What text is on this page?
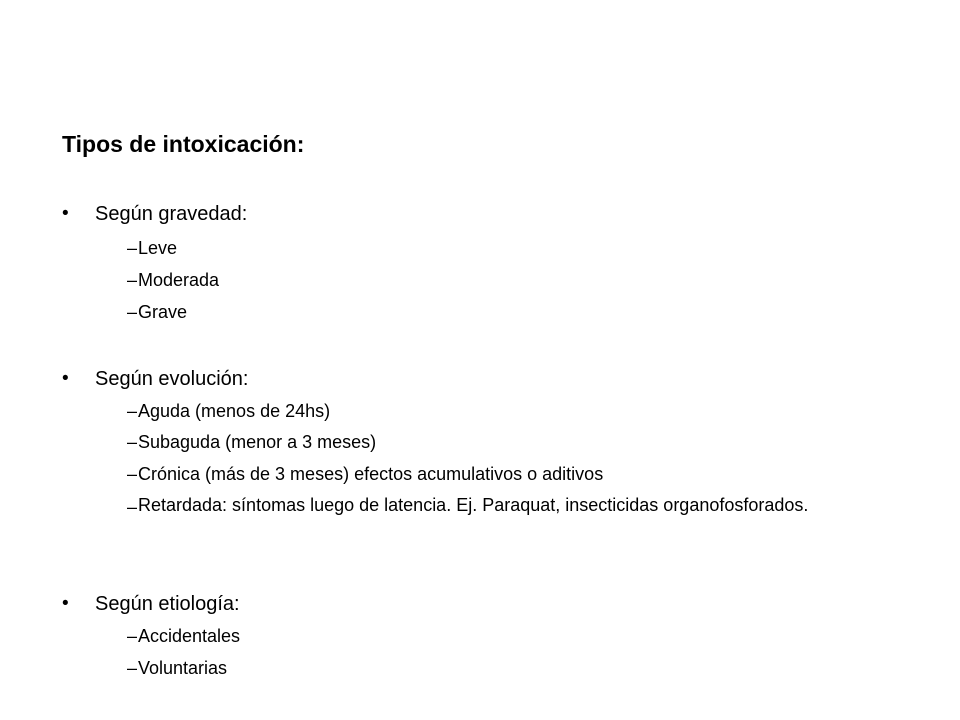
Tipos de intoxicación:
• Según gravedad:
– Leve
– Moderada
– Grave
• Según evolución:
– Aguda (menos de 24hs)
– Subaguda (menor a 3 meses)
– Crónica (más de 3 meses) efectos acumulativos o aditivos
– Retardada: síntomas luego de latencia. Ej. Paraquat, insecticidas organofosforados.
• Según etiología:
– Accidentales
– Voluntarias
